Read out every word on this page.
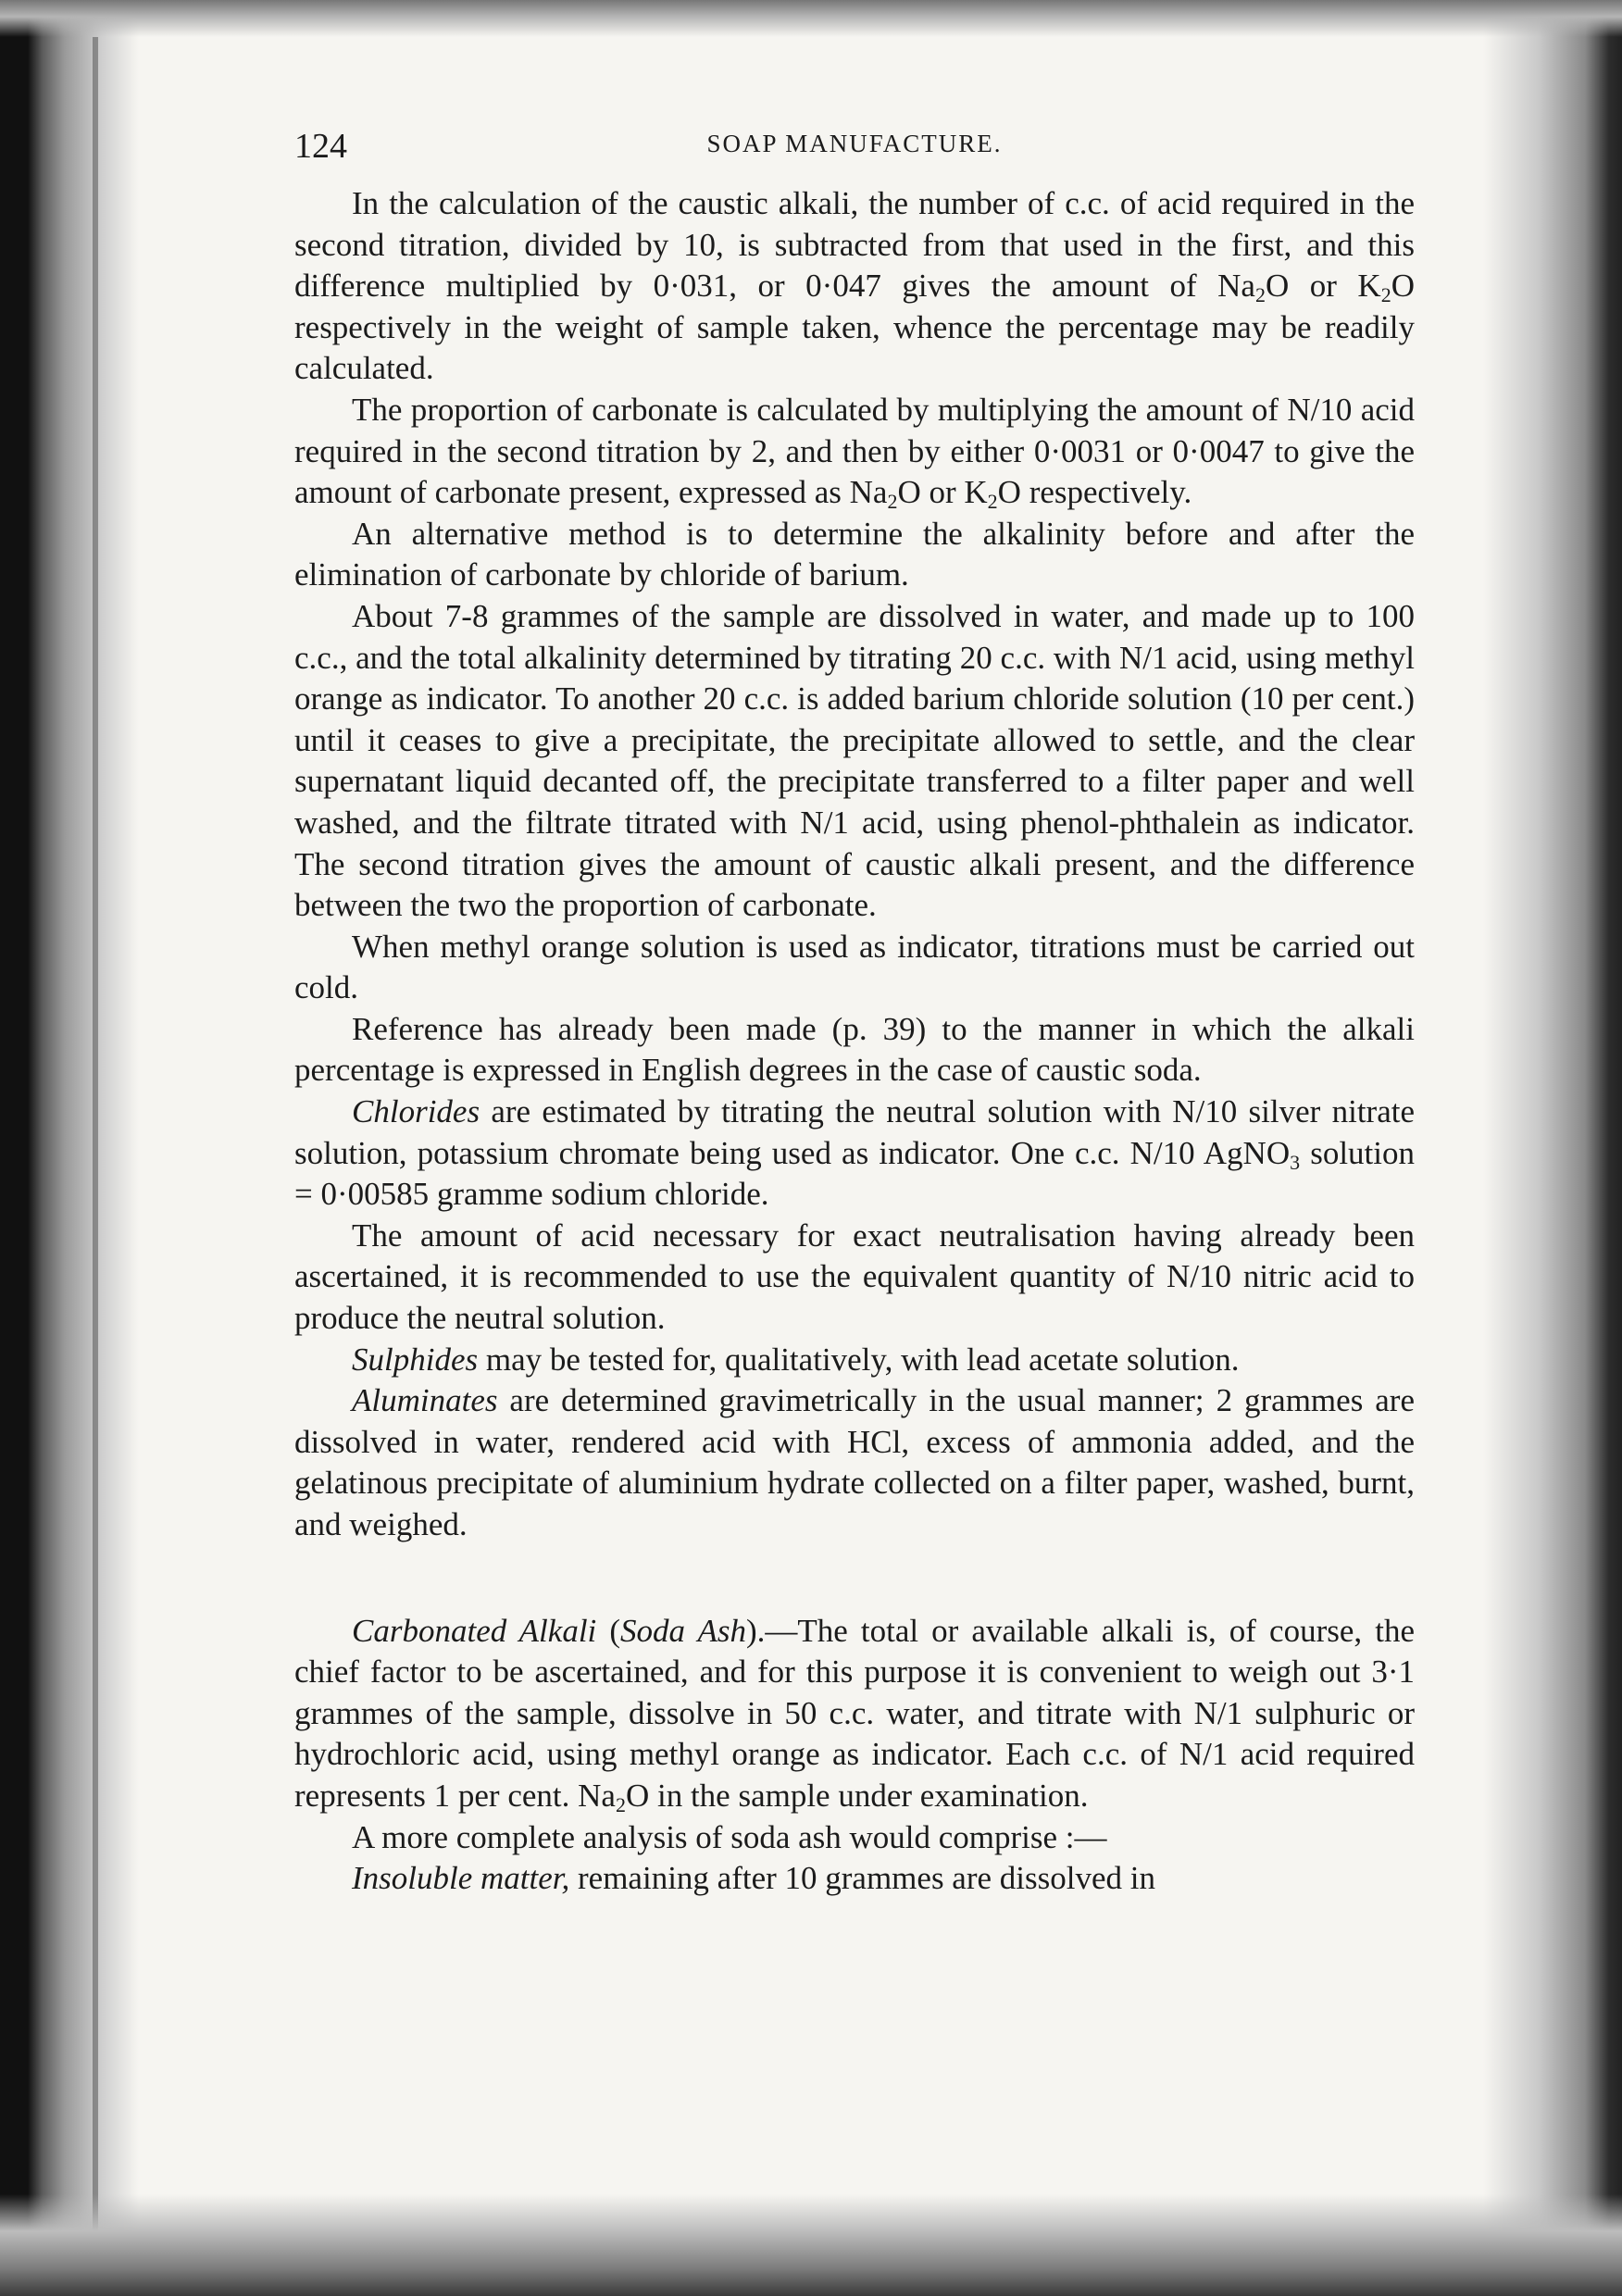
124	SOAP MANUFACTURE.

In the calculation of the caustic alkali, the number of c.c. of acid required in the second titration, divided by 10, is subtracted from that used in the first, and this difference multiplied by 0·031, or 0·047 gives the amount of $Na_2O$ or $K_2O$ respectively in the weight of sample taken, whence the percentage may be readily calculated.

The proportion of carbonate is calculated by multiplying the amount of N/10 acid required in the second titration by 2, and then by either 0·0031 or 0·0047 to give the amount of carbonate present, expressed as $Na_2O$ or $K_2O$ respectively.

An alternative method is to determine the alkalinity before and after the elimination of carbonate by chloride of barium.

About 7-8 grammes of the sample are dissolved in water, and made up to 100 c.c., and the total alkalinity determined by titrating 20 c.c. with N/1 acid, using methyl orange as indicator. To another 20 c.c. is added barium chloride solution (10 per cent.) until it ceases to give a precipitate, the precipitate allowed to settle, and the clear supernatant liquid decanted off, the precipitate transferred to a filter paper and well washed, and the filtrate titrated with N/1 acid, using phenol-phthalein as indicator. The second titration gives the amount of caustic alkali present, and the difference between the two the proportion of carbonate.

When methyl orange solution is used as indicator, titrations must be carried out cold.

Reference has already been made (p. 39) to the manner in which the alkali percentage is expressed in English degrees in the case of caustic soda.

Chlorides are estimated by titrating the neutral solution with N/10 silver nitrate solution, potassium chromate being used as indicator. One c.c. N/10 AgNO$_3$ solution = 0·00585 gramme sodium chloride.

The amount of acid necessary for exact neutralisation having already been ascertained, it is recommended to use the equivalent quantity of N/10 nitric acid to produce the neutral solution.

Sulphides may be tested for, qualitatively, with lead acetate solution.

Aluminates are determined gravimetrically in the usual manner; 2 grammes are dissolved in water, rendered acid with HCl, excess of ammonia added, and the gelatinous precipitate of aluminium hydrate collected on a filter paper, washed, burnt, and weighed.

Carbonated Alkali (Soda Ash).—The total or available alkali is, of course, the chief factor to be ascertained, and for this purpose it is convenient to weigh out 3·1 grammes of the sample, dissolve in 50 c.c. water, and titrate with N/1 sulphuric or hydrochloric acid, using methyl orange as indicator. Each c.c. of N/1 acid required represents 1 per cent. $Na_2O$ in the sample under examination.

A more complete analysis of soda ash would comprise :—

Insoluble matter, remaining after 10 grammes are dissolved in
